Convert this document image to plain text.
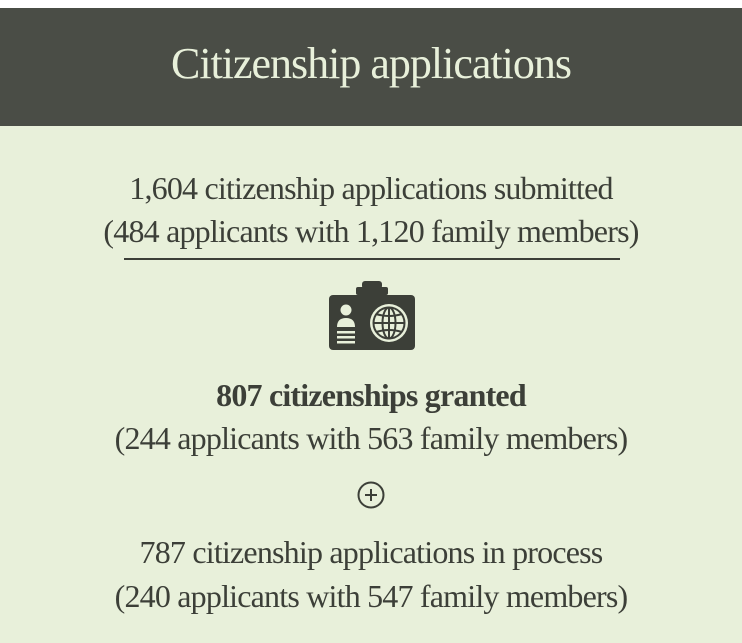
Citizenship applications
1,604 citizenship applications submitted
(484 applicants with 1,120 family members)
807 citizenships granted
(244 applicants with 563 family members)
787 citizenship applications in process
(240 applicants with 547 family members)
